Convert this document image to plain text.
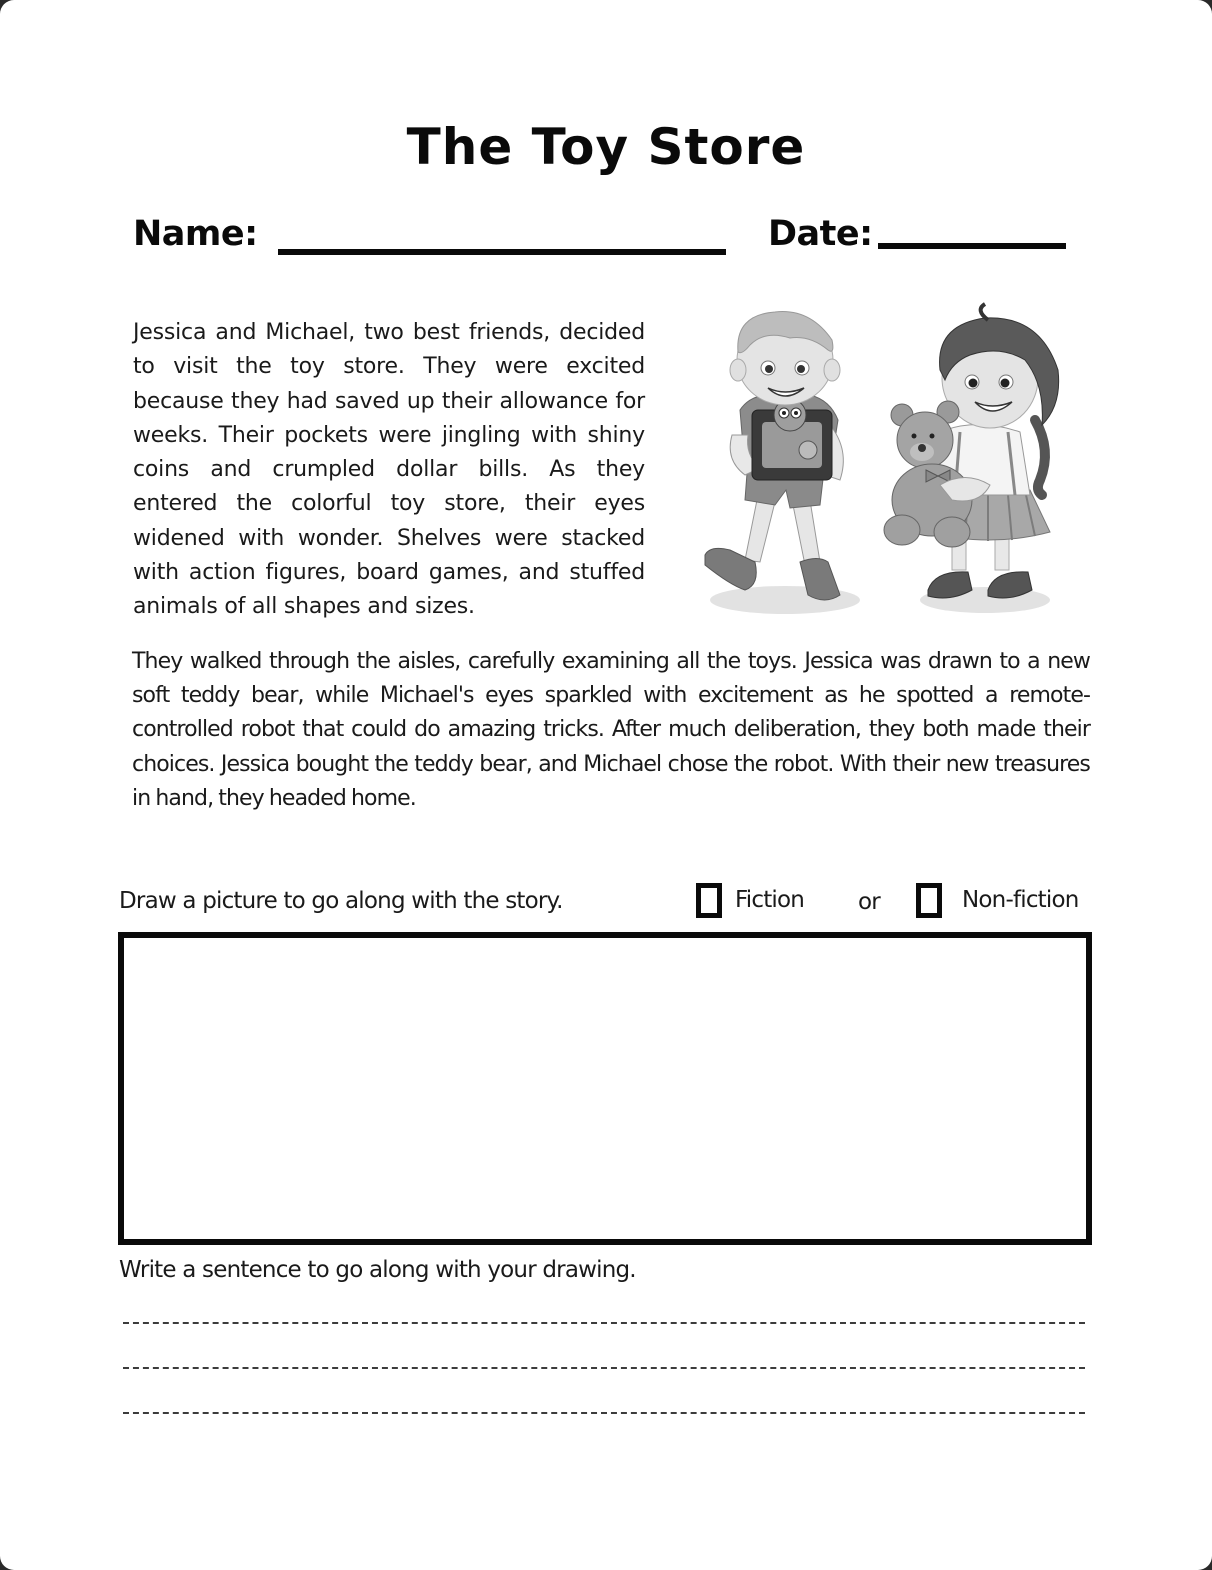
The Toy Store
Name:	Date:
Jessica and Michael, two best friends, decided to visit the toy store. They were excited because they had saved up their allowance for weeks. Their pockets were jingling with shiny coins and crumpled dollar bills. As they entered the colorful toy store, their eyes widened with wonder. Shelves were stacked with action figures, board games, and stuffed animals of all shapes and sizes.
They walked through the aisles, carefully examining all the toys. Jessica was drawn to a new soft teddy bear, while Michael's eyes sparkled with excitement as he spotted a remote-controlled robot that could do amazing tricks. After much deliberation, they both made their choices. Jessica bought the teddy bear, and Michael chose the robot. With their new treasures in hand, they headed home.
Draw a picture to go along with the story.	Fiction or	Non-fiction
Write a sentence to go along with your drawing.
